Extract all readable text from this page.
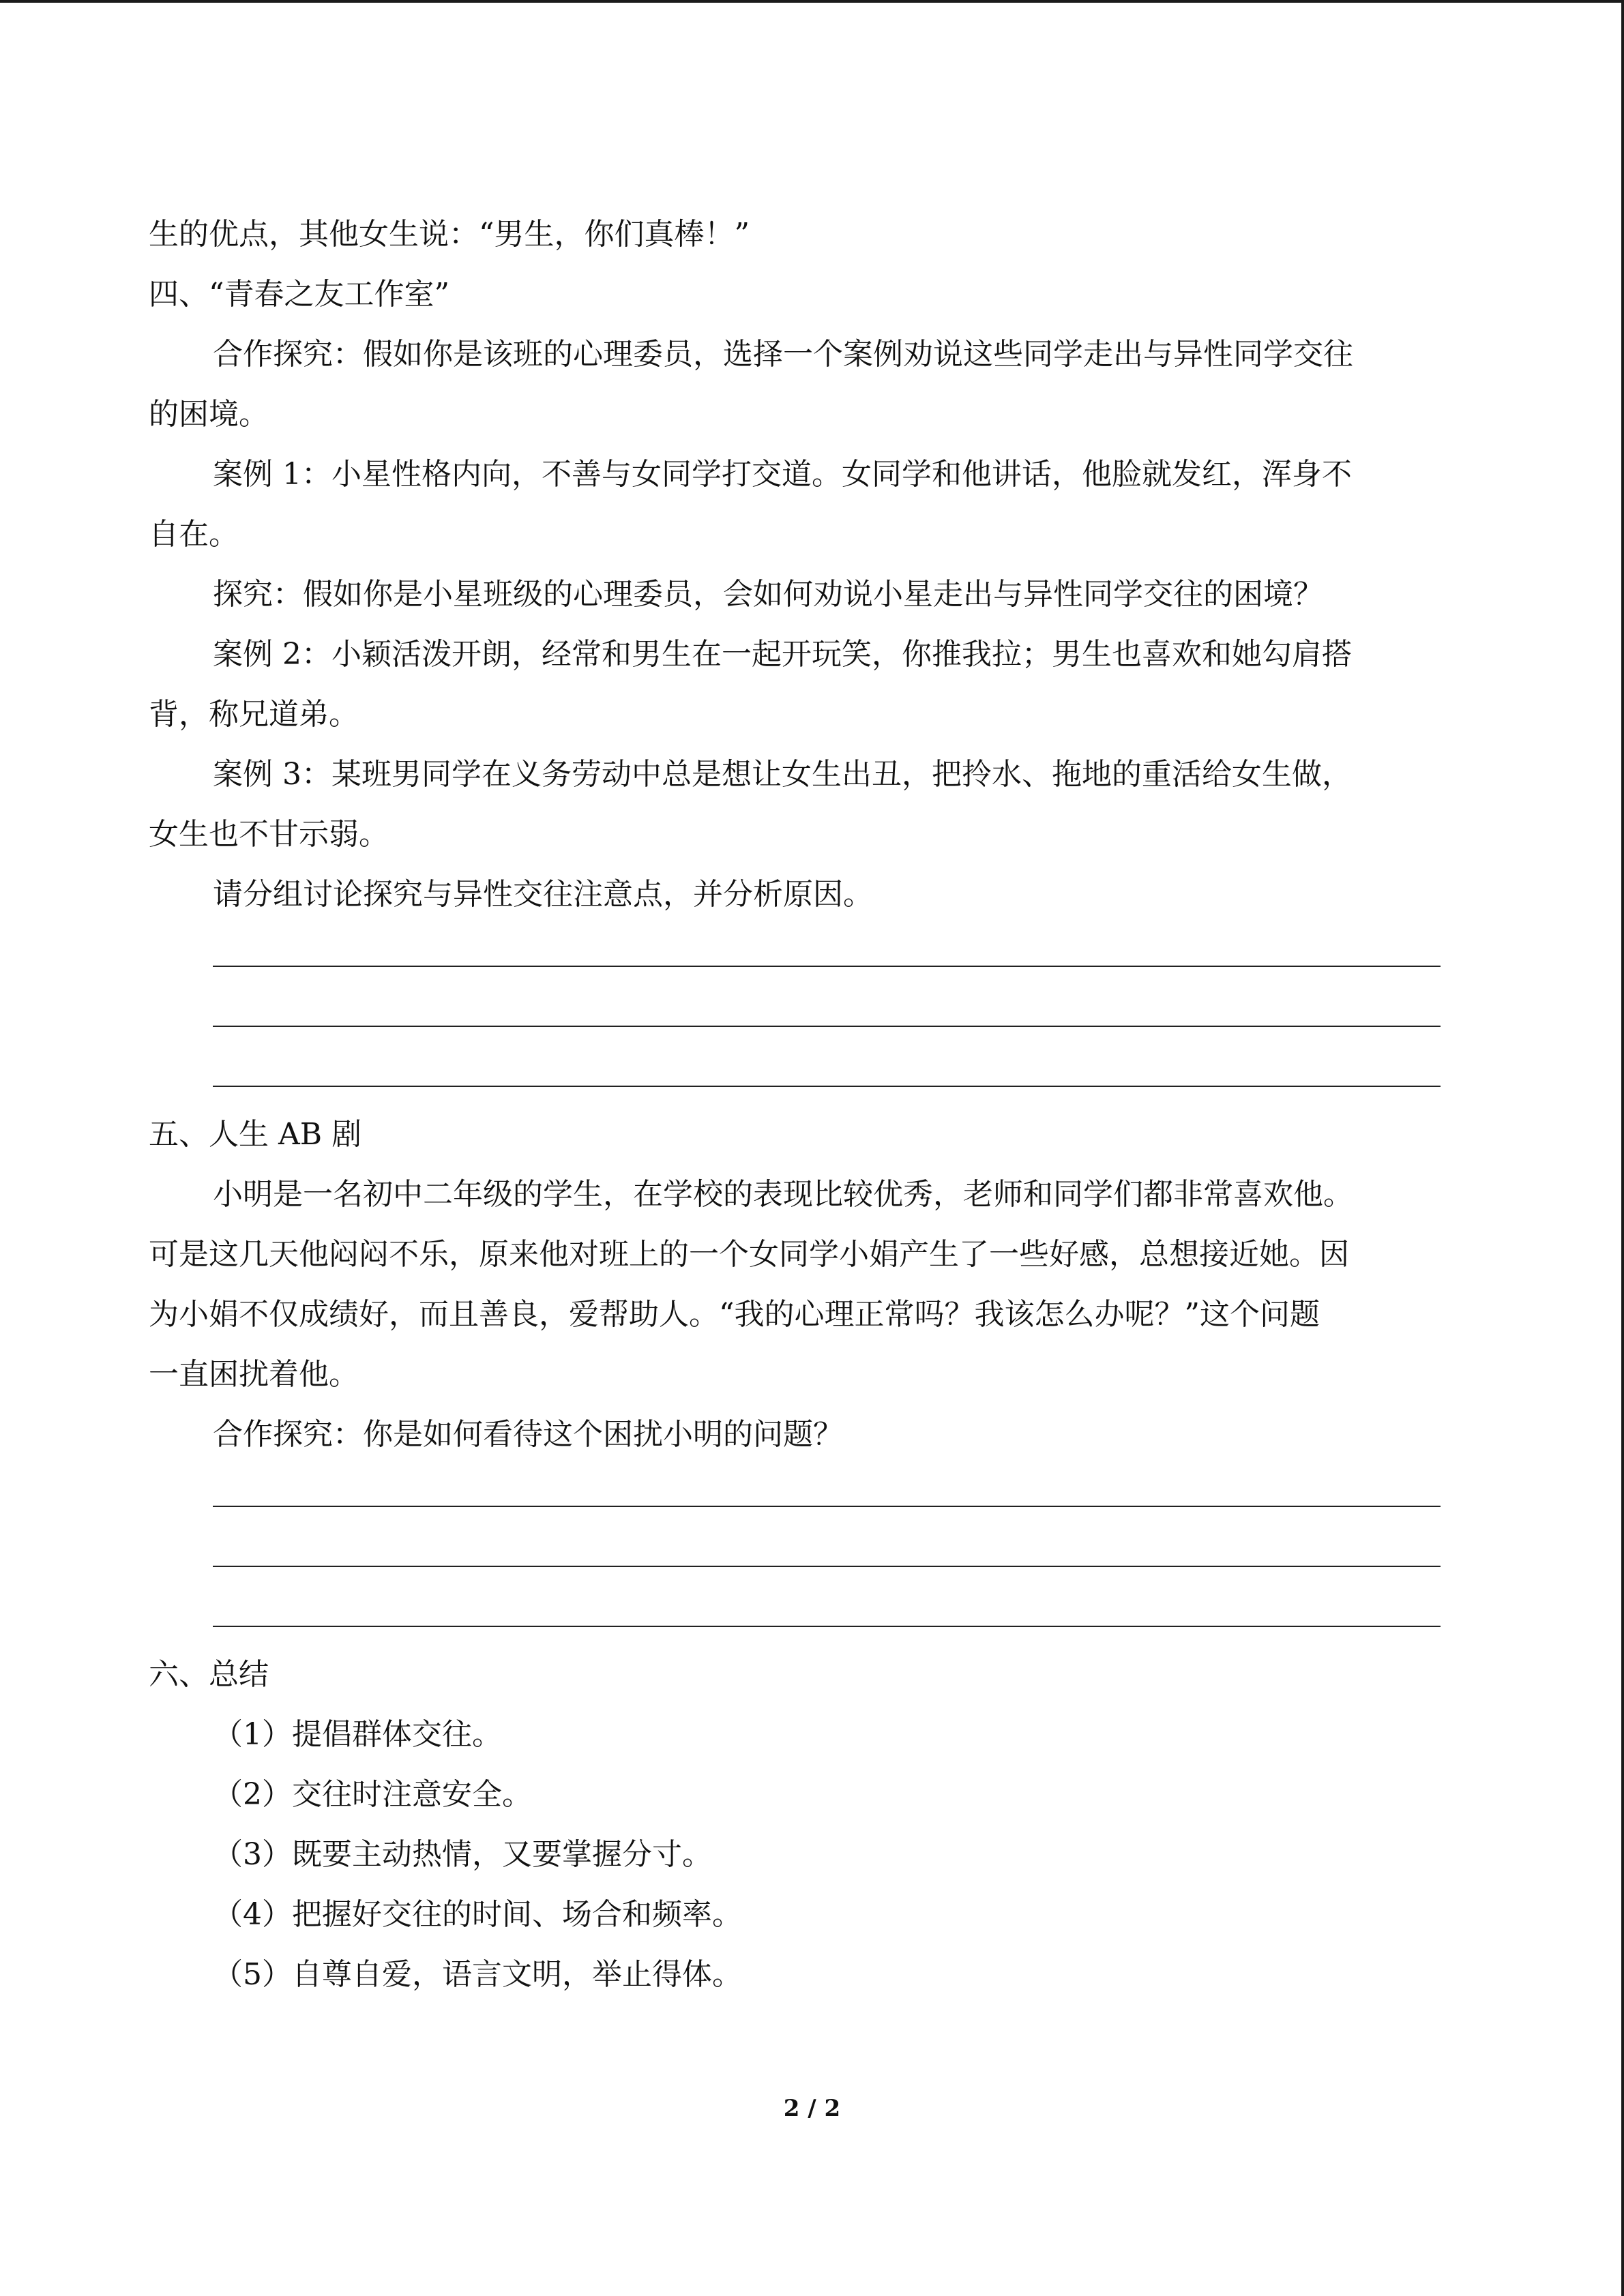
生的优点，其他女生说：“男生，你们真棒！”
四、“青春之友工作室”
合作探究：假如你是该班的心理委员，选择一个案例劝说这些同学走出与异性同学交往
的困境。
案例 1：小星性格内向，不善与女同学打交道。女同学和他讲话，他脸就发红，浑身不
自在。
探究：假如你是小星班级的心理委员，会如何劝说小星走出与异性同学交往的困境？
案例 2：小颖活泼开朗，经常和男生在一起开玩笑，你推我拉；男生也喜欢和她勾肩搭
背，称兄道弟。
案例 3：某班男同学在义务劳动中总是想让女生出丑，把拎水、拖地的重活给女生做，
女生也不甘示弱。
请分组讨论探究与异性交往注意点，并分析原因。
五、人生 AB 剧
小明是一名初中二年级的学生，在学校的表现比较优秀，老师和同学们都非常喜欢他。
可是这几天他闷闷不乐，原来他对班上的一个女同学小娟产生了一些好感，总想接近她。因
为小娟不仅成绩好，而且善良，爱帮助人。“我的心理正常吗？我该怎么办呢？”这个问题
一直困扰着他。
合作探究：你是如何看待这个困扰小明的问题？
六、总结
（1）提倡群体交往。
（2）交往时注意安全。
（3）既要主动热情，又要掌握分寸。
（4）把握好交往的时间、场合和频率。
（5）自尊自爱，语言文明，举止得体。
2 / 2
